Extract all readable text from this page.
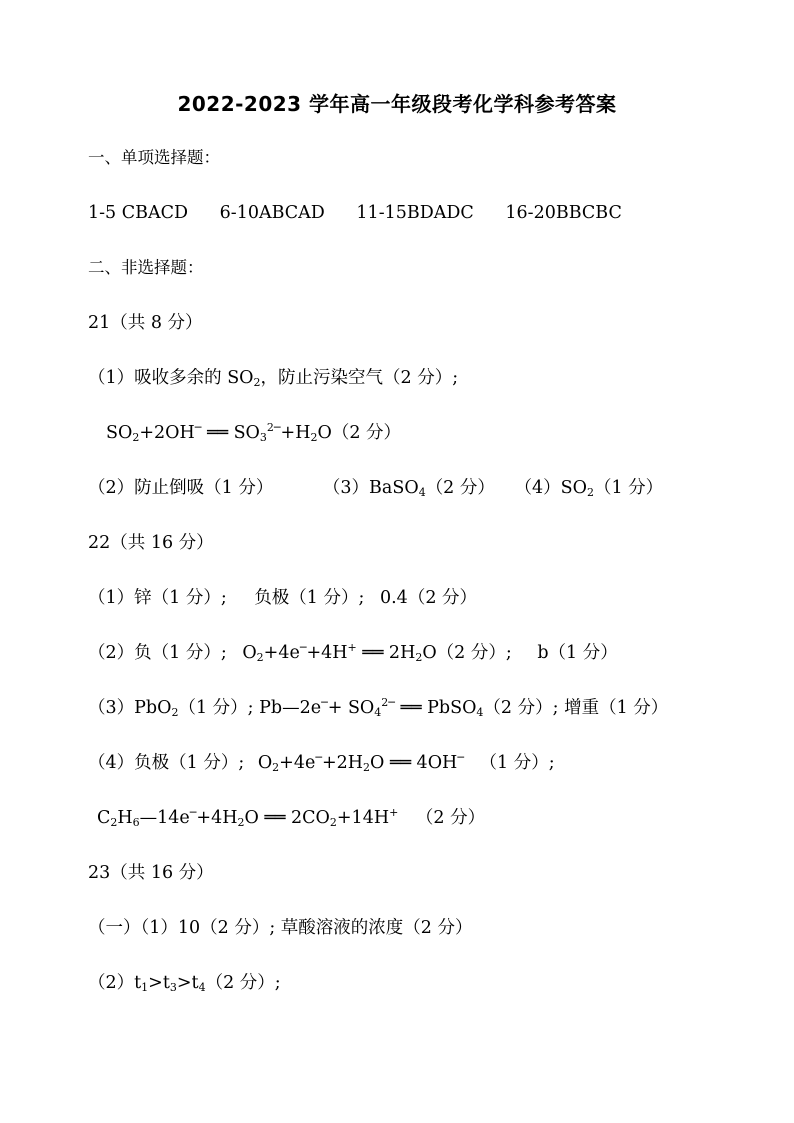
2022-2023 学年高一年级段考化学科参考答案
一、单项选择题：
1-5 CBACD 6-10ABCAD 11-15BDADC 16-20BBCBC
二、非选择题：
21（共 8 分）
（1）吸收多余的 $SO_2$，防止污染空气（2 分）;
$SO_2+2OH^─$ ══ $SO_3^{2─}+H_2O(2$ 分）
（2）防止倒吸（1 分）	（3）BaSO$_4$（2 分） $(4)SO_2(1$ 分）
22（共 16 分）
（1）锌（1 分）; 负极（1 分）; 0.4（2 分）
（2）负（1 分）; $O_2+4e^─+4H^+$ ══ $2H_2O(2$ 分）; b（1 分）
（3）PbO$_2$（1 分）; Pb—2e─+ $SO_4^{2─}$ ══ PbSO$_4$（2 分）; 增重（1 分）
（4）负极（1 分）; $O_2+4e^─+2H_2O$ ══ 4OH─ （1 分）;
$C_2H_6—14e^─+4H_2O$ ══ $2CO_2+14H^+$ （2 分）
23（共 16 分）
（一）（1）10（2 分）; 草酸溶液的浓度（2 分）
$(2)t_1>t_3>t_4(2$ 分）;
